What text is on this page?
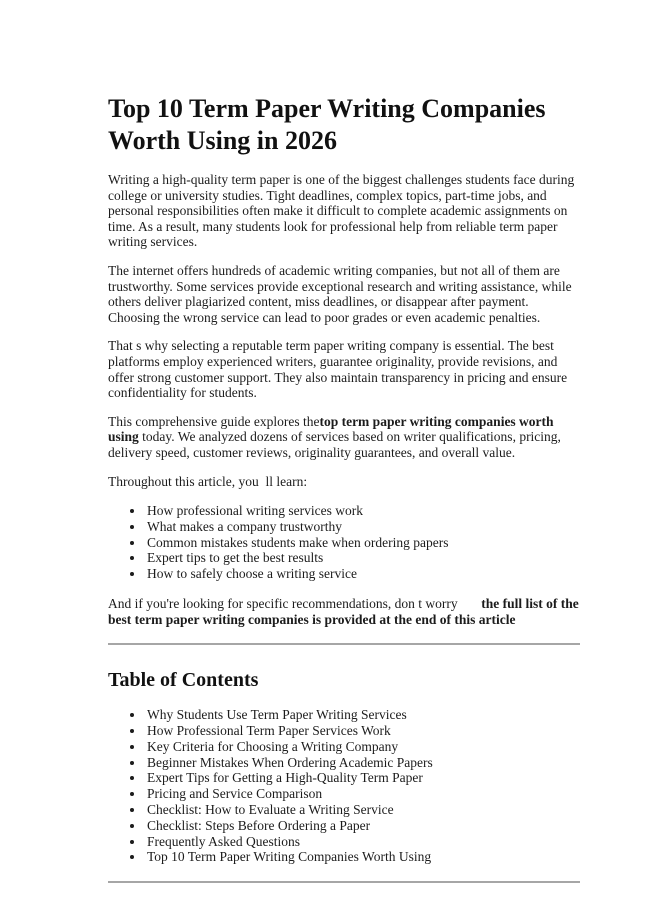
Top 10 Term Paper Writing Companies Worth Using in 2026

Writing a high-quality term paper is one of the biggest challenges students face during college or university studies. Tight deadlines, complex topics, part-time jobs, and personal responsibilities often make it difficult to complete academic assignments on time. As a result, many students look for professional help from reliable term paper writing services.

The internet offers hundreds of academic writing companies, but not all of them are trustworthy. Some services provide exceptional research and writing assistance, while others deliver plagiarized content, miss deadlines, or disappear after payment. Choosing the wrong service can lead to poor grades or even academic penalties.

That s why selecting a reputable term paper writing company is essential. The best platforms employ experienced writers, guarantee originality, provide revisions, and offer strong customer support. They also maintain transparency in pricing and ensure confidentiality for students.

This comprehensive guide explores thetop term paper writing companies worth using today. We analyzed dozens of services based on writer qualifications, pricing, delivery speed, customer reviews, originality guarantees, and overall value.

Throughout this article, you  ll learn:

• How professional writing services work
• What makes a company trustworthy
• Common mistakes students make when ordering papers
• Expert tips to get the best results
• How to safely choose a writing service

And if you're looking for specific recommendations, don t worry       the full list of the best term paper writing companies is provided at the end of this article

Table of Contents
• Why Students Use Term Paper Writing Services
• How Professional Term Paper Services Work
• Key Criteria for Choosing a Writing Company
• Beginner Mistakes When Ordering Academic Papers
• Expert Tips for Getting a High-Quality Term Paper
• Pricing and Service Comparison
• Checklist: How to Evaluate a Writing Service
• Checklist: Steps Before Ordering a Paper
• Frequently Asked Questions
• Top 10 Term Paper Writing Companies Worth Using
